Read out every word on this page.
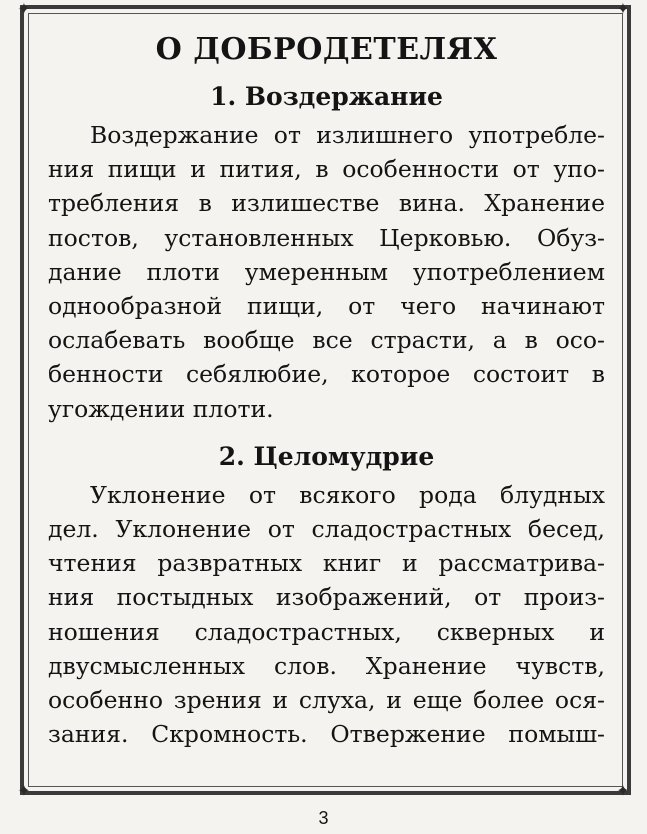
✦	✦
✦	✦
О ДОБРОДЕТЕЛЯХ
1. Воздержание
Воздержание от излишнего употребле-
ния пищи и пития, в особенности от упо-
требления в излишестве вина. Хранение
постов, установленных Церковью. Обуз-
дание плоти умеренным употреблением
однообразной пищи, от чего начинают
ослабевать вообще все страсти, а в осо-
бенности себялюбие, которое состоит в
угождении плоти.
2. Целомудрие
Уклонение от всякого рода блудных
дел. Уклонение от сладострастных бесед,
чтения развратных книг и рассматрива-
ния постыдных изображений, от произ-
ношения сладострастных, скверных и
двусмысленных слов. Хранение чувств,
особенно зрения и слуха, и еще более ося-
зания. Скромность. Отвержение помыш-
3
